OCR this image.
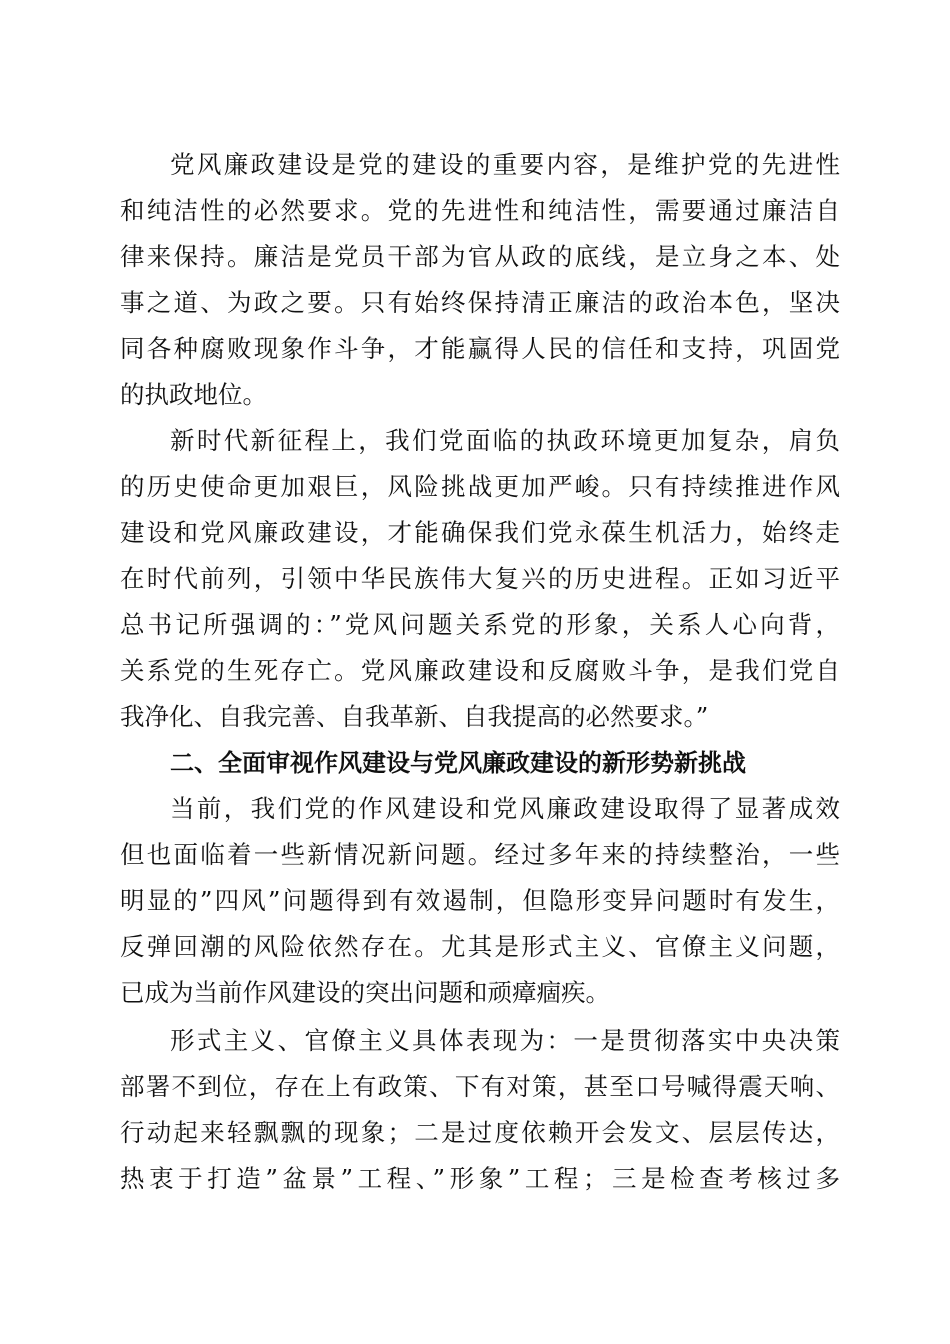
党风廉政建设是党的建设的重要内容，是维护党的先进性
和纯洁性的必然要求。党的先进性和纯洁性，需要通过廉洁自
律来保持。廉洁是党员干部为官从政的底线，是立身之本、处
事之道、为政之要。只有始终保持清正廉洁的政治本色，坚决
同各种腐败现象作斗争，才能赢得人民的信任和支持，巩固党
的执政地位。
新时代新征程上，我们党面临的执政环境更加复杂，肩负
的历史使命更加艰巨，风险挑战更加严峻。只有持续推进作风
建设和党风廉政建设，才能确保我们党永葆生机活力，始终走
在时代前列，引领中华民族伟大复兴的历史进程。正如习近平
总书记所强调的：”党风问题关系党的形象，关系人心向背，
关系党的生死存亡。党风廉政建设和反腐败斗争，是我们党自
我净化、自我完善、自我革新、自我提高的必然要求。”
二、全面审视作风建设与党风廉政建设的新形势新挑战
当前，我们党的作风建设和党风廉政建设取得了显著成效
但也面临着一些新情况新问题。经过多年来的持续整治，一些
明显的”四风”问题得到有效遏制，但隐形变异问题时有发生，
反弹回潮的风险依然存在。尤其是形式主义、官僚主义问题，
已成为当前作风建设的突出问题和顽瘴痼疾。
形式主义、官僚主义具体表现为：一是贯彻落实中央决策
部署不到位，存在上有政策、下有对策，甚至口号喊得震天响、
行动起来轻飘飘的现象；二是过度依赖开会发文、层层传达，
热衷于打造”盆景”工程、”形象”工程；三是检查考核过多
